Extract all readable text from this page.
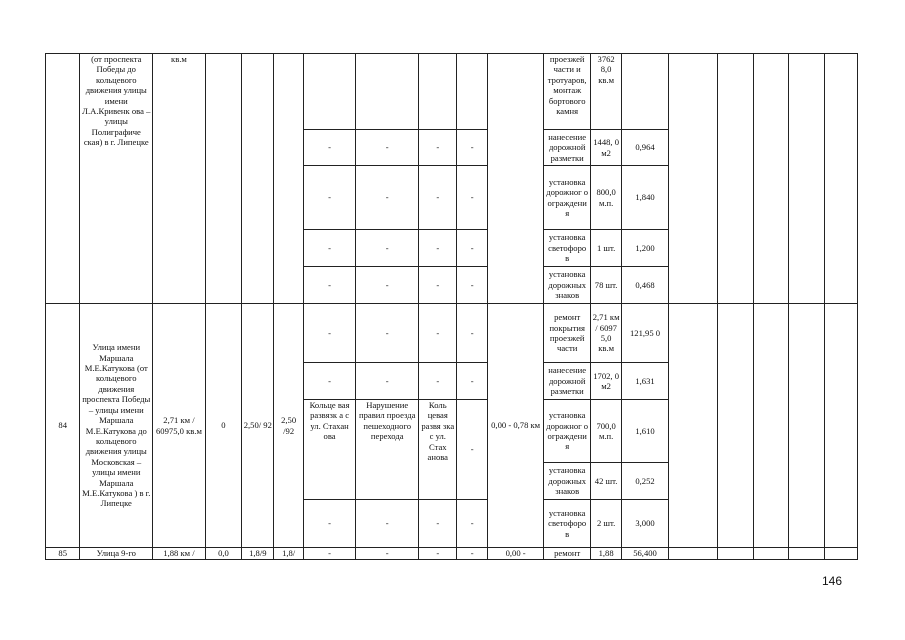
	(от проспекта Победы до кольцевого движения улицы имени Л.А.Кривенк ова – улицы Полиграфиче ская) в г. Липецке	кв.м									проезжей части и тротуаров, монтаж бортового камня	3762 8,0 кв.м						
						-	-	-	-		нанесение дорожной разметки	1448, 0 м2	0,964					
						-	-	-	-		установка дорожног о ограждени я	800,0 м.п.	1,840					
						-	-	-	-		установка светофоро в	1 шт.	1,200					
						-	-	-	-		установка дорожных знаков	78 шт.	0,468					
84	Улица имени Маршала М.Е.Катукова (от кольцевого движения проспекта Победы – улицы имени Маршала М.Е.Катукова до кольцевого движения улицы Московская – улицы имени Маршала М.Е.Катукова ) в г. Липецке	2,71 км / 60975,0 кв.м	0	2,50/ 92	2,50 /92	-	-	-	-	0,00 - 0,78 км	ремонт покрытия проезжей части	2,71 км / 6097 5,0 кв.м	121,95 0					
						-	-	-	-		нанесение дорожной разметки	1702, 0 м2	1,631					
						Кольце вая развязк а с ул. Стахан ова	Нарушение правил проезда пешеходного перехода	Коль цевая развя зка с ул. Стах анова	-		установка дорожног о ограждени я	700,0 м.п.	1,610					
											установка дорожных знаков	42 шт.	0,252					
						-	-	-	-		установка светофоро в	2 шт.	3,000					
85	Улица 9-го	1,88 км /	0,0	1,8/9	1,8/	-	-	-	-	0,00 -	ремонт	1,88	56,400					
146
